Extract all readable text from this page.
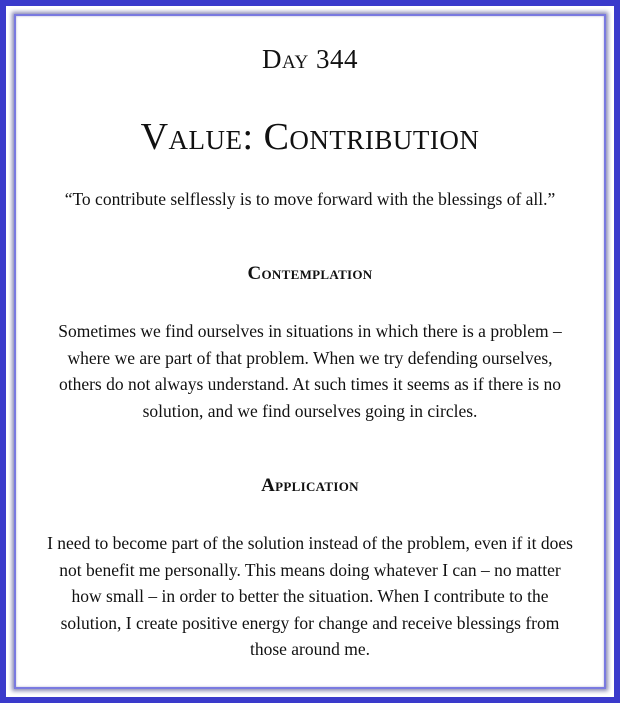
Day 344
Value: Contribution
“To contribute selflessly is to move forward with the blessings of all.”
Contemplation
Sometimes we find ourselves in situations in which there is a problem – where we are part of that problem. When we try defending ourselves, others do not always understand. At such times it seems as if there is no solution, and we find ourselves going in circles.
Application
I need to become part of the solution instead of the problem, even if it does not benefit me personally. This means doing whatever I can – no matter how small – in order to better the situation. When I contribute to the solution, I create positive energy for change and receive blessings from those around me.
